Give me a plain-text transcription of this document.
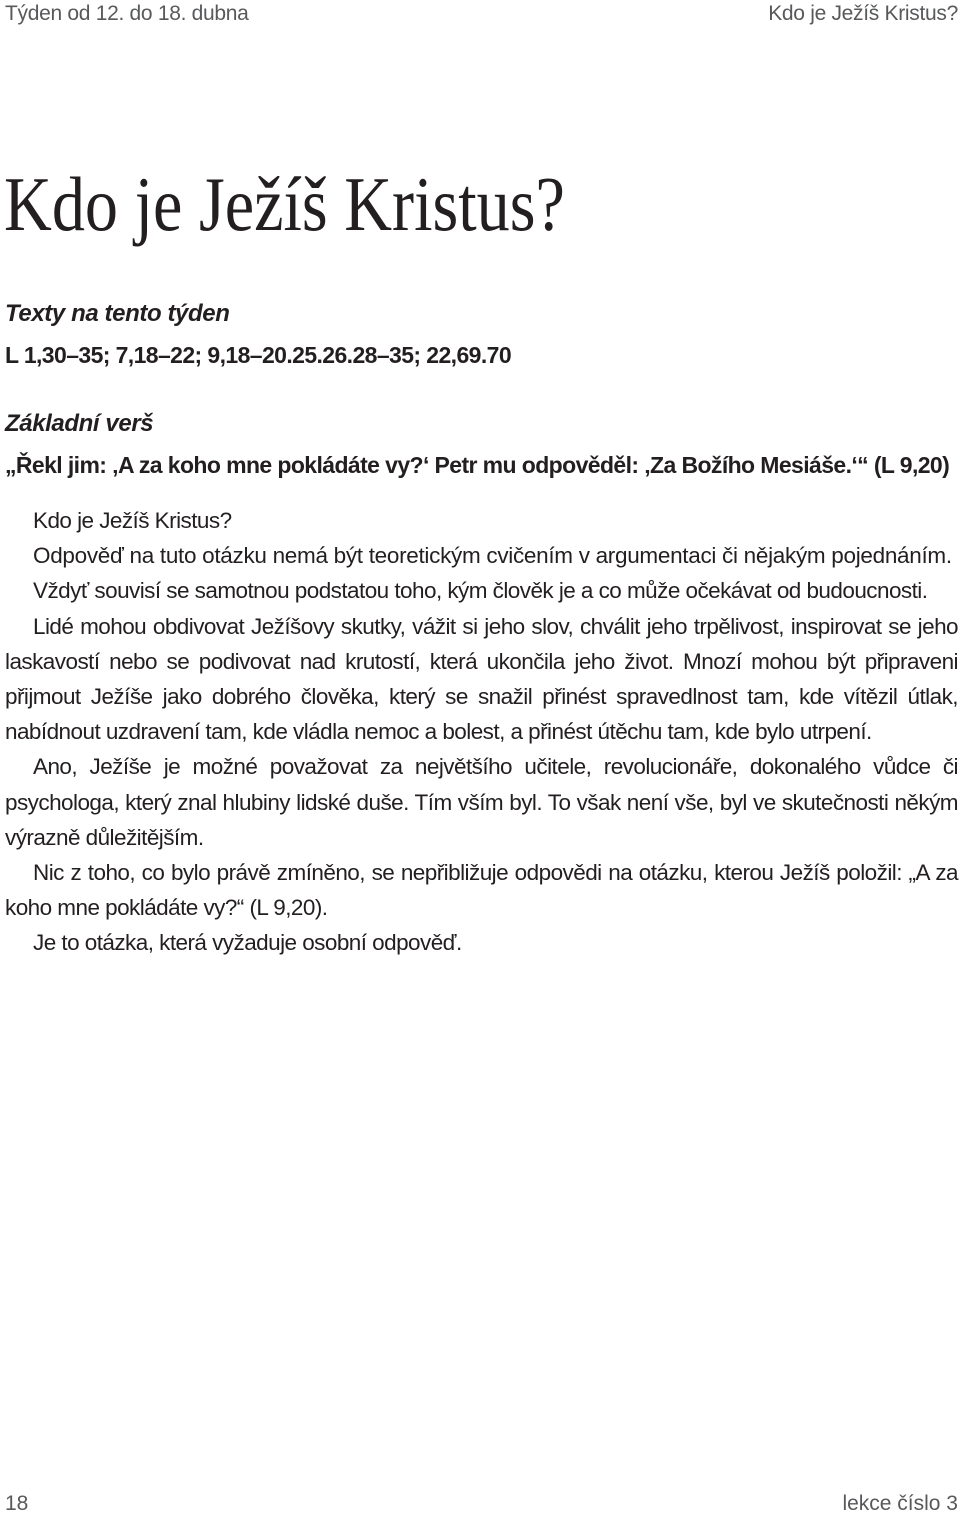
Týden od 12. do 18. dubna	Kdo je Ježíš Kristus?
Kdo je Ježíš Kristus?
Texty na tento týden
L 1,30–35; 7,18–22; 9,18–20.25.26.28–35; 22,69.70
Základní verš
„Řekl jim: ‚A za koho mne pokládáte vy?‘ Petr mu odpověděl: ‚Za Božího Mesiáše.‘“ (L 9,20)

Kdo je Ježíš Kristus?

Odpověď na tuto otázku nemá být teoretickým cvičením v argumentaci či nějakým pojednáním.

Vždyť souvisí se samotnou podstatou toho, kým člověk je a co může očekávat od budoucnosti.

Lidé mohou obdivovat Ježíšovy skutky, vážit si jeho slov, chválit jeho trpělivost, inspirovat se jeho laskavostí nebo se podivovat nad krutostí, která ukončila jeho život. Mnozí mohou být připraveni přijmout Ježíše jako dobrého člověka, který se snažil přinést spravedlnost tam, kde vítězil útlak, nabídnout uzdravení tam, kde vládla nemoc a bolest, a přinést útěchu tam, kde bylo utrpení.

Ano, Ježíše je možné považovat za největšího učitele, revolucionáře, dokonalého vůdce či psychologa, který znal hlubiny lidské duše. Tím vším byl. To však není vše, byl ve skutečnosti někým výrazně důležitějším.

Nic z toho, co bylo právě zmíněno, se nepřibližuje odpovědi na otázku, kterou Ježíš položil: „A za koho mne pokládáte vy?“ (L 9,20).

Je to otázka, která vyžaduje osobní odpověď.

18	lekce číslo 3
